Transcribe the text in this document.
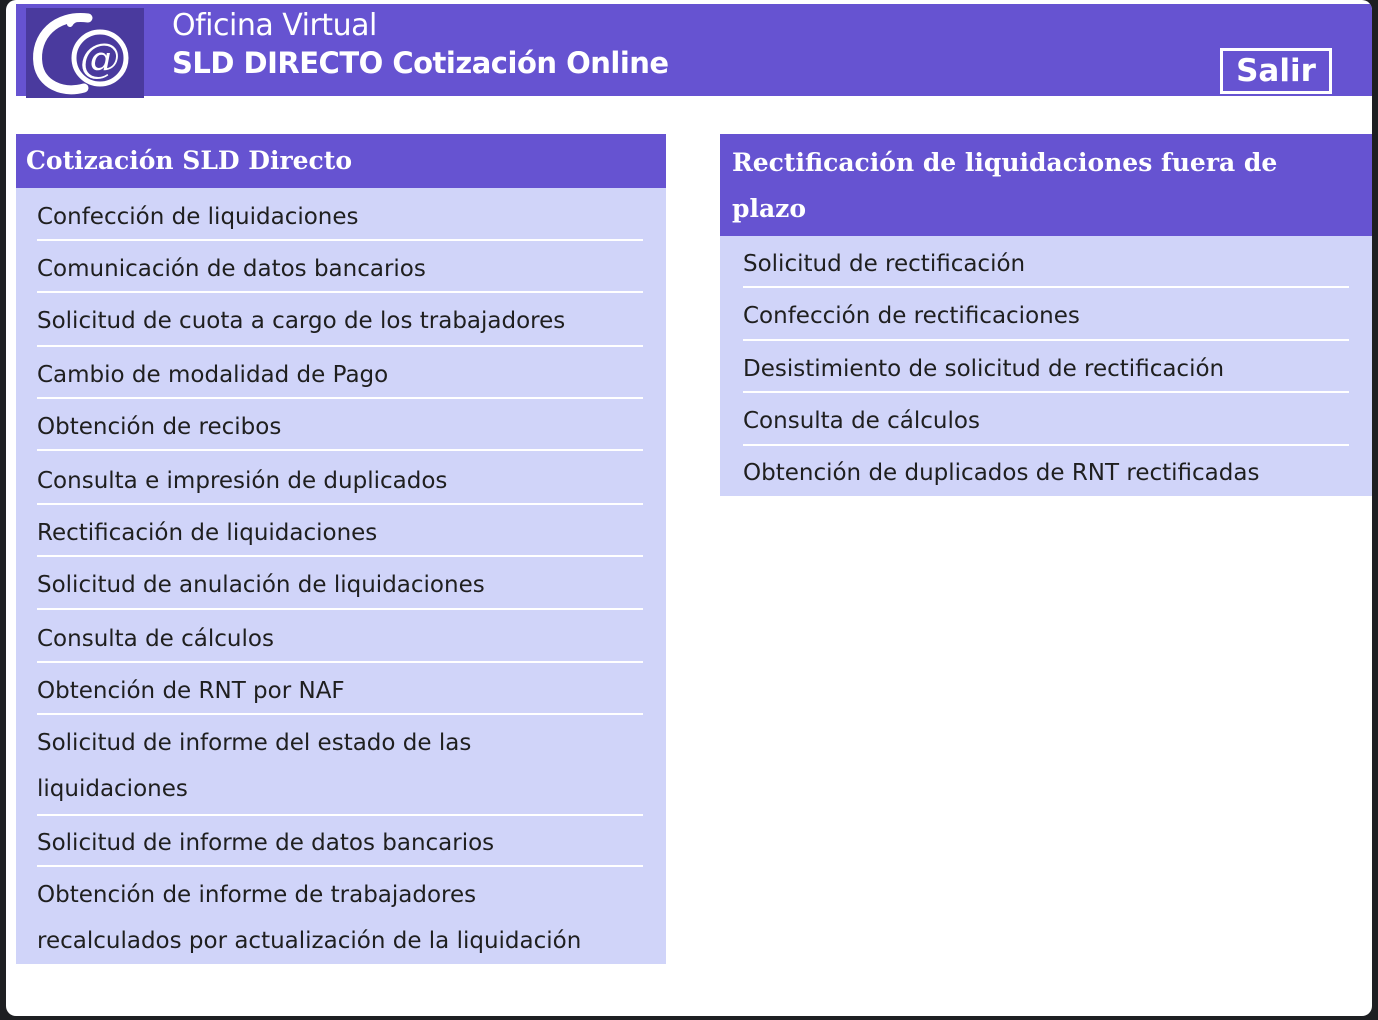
@
Oficina Virtual
SLD DIRECTO Cotización Online	Salir
Cotización SLD Directo
Confección de liquidaciones
Comunicación de datos bancarios
Solicitud de cuota a cargo de los trabajadores
Cambio de modalidad de Pago
Obtención de recibos
Consulta e impresión de duplicados
Rectificación de liquidaciones
Solicitud de anulación de liquidaciones
Consulta de cálculos
Obtención de RNT por NAF
Solicitud de informe del estado de las
liquidaciones
Solicitud de informe de datos bancarios
Obtención de informe de trabajadores
recalculados por actualización de la liquidación
Rectificación de liquidaciones fuera de
plazo
Solicitud de rectificación
Confección de rectificaciones
Desistimiento de solicitud de rectificación
Consulta de cálculos
Obtención de duplicados de RNT rectificadas
